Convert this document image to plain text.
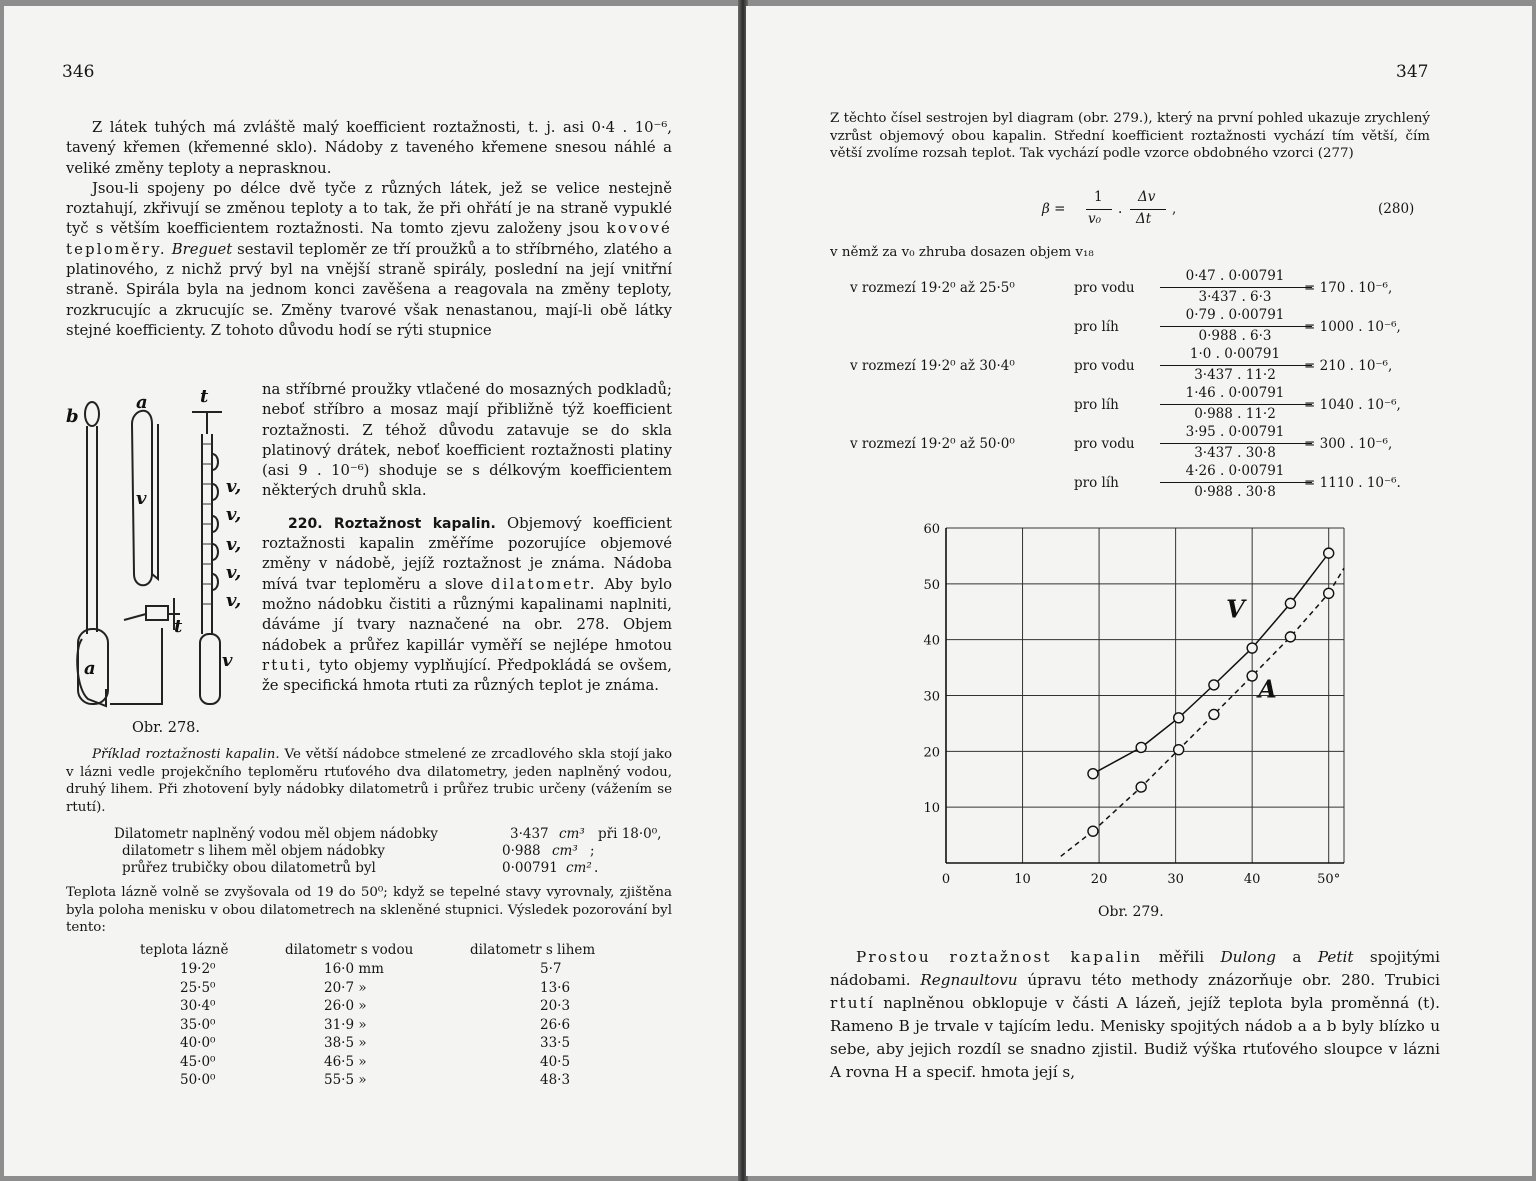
346

Z látek tuhých má zvláště malý koefficient roztažnosti, t. j. asi 0·4 . 10⁻⁶, tavený křemen (křemenné sklo). Nádoby z taveného křemene snesou náhlé a veliké změny teploty a neprasknou.

Jsou-li spojeny po délce dvě tyče z různých látek, jež se velice nestejně roztahují, zkřivují se změnou teploty a to tak, že při ohřátí je na straně vypuklé tyč s větším koefficientem roztažnosti. Na tomto zjevu založeny jsou kovové teploměry. Breguet sestavil teploměr ze tří proužků a to stříbrného, zlatého a platinového, z nichž prvý byl na vnější straně spirály, poslední na její vnitřní straně. Spirála byla na jednom konci zavěšena a reagovala na změny teploty, rozkrucujíc a zkrucujíc se. Změny tvarové však nenastanou, mají-li obě látky stejné koefficienty. Z tohoto důvodu hodí se rýti stupnice

na stříbrné proužky vtlačené do mosazných podkladů; neboť stříbro a mosaz mají přibližně týž koefficient roztažnosti. Z téhož důvodu zatavuje se do skla platinový drátek, neboť koefficient roztažnosti platiny (asi 9 . 10⁻⁶) shoduje se s délkovým koefficientem některých druhů skla.

220. Roztažnost kapalin. Objemový koefficient roztažnosti kapalin změříme pozorujíce objemové změny v nádobě, jejíž roztažnost je známa. Nádoba mívá tvar teploměru a slove dilatometr. Aby bylo možno nádobku čistiti a různými kapalinami naplniti, dáváme jí tvary naznačené na obr. 278. Objem nádobek a průřez kapillár vyměří se nejlépe hmotou rtuti, tyto objemy vyplňující. Předpokládá se ovšem, že specifická hmota rtuti za různých teplot je známa.

b
a	t
v
a
t
v,
v,
v,
v,
v,
v
Obr. 278.

Příklad roztažnosti kapalin. Ve větší nádobce stmelené ze zrcadlového skla stojí jako v lázni vedle projekčního teploměru rtuťového dva dilatometry, jeden naplněný vodou, druhý lihem. Při zhotovení byly nádobky dilatometrů i průřez trubic určeny (vážením se rtutí).

Dilatometr naplněný vodou měl objem nádobky	3·437 cm³ při 18·0⁰,
dilatometr s lihem měl objem nádobky	0·988 cm³ ;
průřez trubičky obou dilatometrů byl	0·00791 cm² .

Teplota lázně volně se zvyšovala od 19 do 50⁰; když se tepelné stavy vyrovnaly, zjištěna byla poloha menisku v obou dilatometrech na skleněné stupnici. Výsledek pozorování byl tento:

teplota lázně	dilatometr s vodou	dilatometr s lihem
19·2⁰	16·0 mm	5·7
25·5⁰	20·7 »	13·6
30·4⁰	26·0 »	20·3
35·0⁰	31·9 »	26·6
40·0⁰	38·5 »	33·5
45·0⁰	46·5 »	40·5
50·0⁰	55·5 »	48·3
347

Z těchto čísel sestrojen byl diagram (obr. 279.), který na první pohled ukazuje zrychlený vzrůst objemový obou kapalin. Střední koefficient roztažnosti vychází tím větší, čím větší zvolíme rozsah teplot. Tak vychází podle vzorce obdobného vzorci (277)

β =
1
v₀
.
Δv
Δt
,	(280)

v němž za v₀ zhruba dosazen objem v₁₈

v rozmezí 19·2⁰ až 25·5⁰	pro vodu
0·47 . 0·00791
3·437 . 6·3
= 170 . 10⁻⁶,
pro líh
0·79 . 0·00791
0·988 . 6·3
= 1000 . 10⁻⁶,
v rozmezí 19·2⁰ až 30·4⁰	pro vodu
1·0 . 0·00791
3·437 . 11·2
= 210 . 10⁻⁶,
pro líh
1·46 . 0·00791
0·988 . 11·2
= 1040 . 10⁻⁶,
v rozmezí 19·2⁰ až 50·0⁰	pro vodu
3·95 . 0·00791
3·437 . 30·8
= 300 . 10⁻⁶,
pro líh
4·26 . 0·00791
0·988 . 30·8
= 1110 . 10⁻⁶.
0	10	20	30	40	50°
10
20
30
40
50
60
V
A
Obr. 279.

Prostou roztažnost kapalin měřili Dulong a Petit spojitými nádobami. Regnaultovu úpravu této methody znázorňuje obr. 280. Trubici rtutí naplněnou obklopuje v části A lázeň, jejíž teplota byla proměnná (t). Rameno B je trvale v tajícím ledu. Menisky spojitých nádob a a b byly blízko u sebe, aby jejich rozdíl se snadno zjistil. Budiž výška rtuťového sloupce v lázni A rovna H a specif. hmota její s,
